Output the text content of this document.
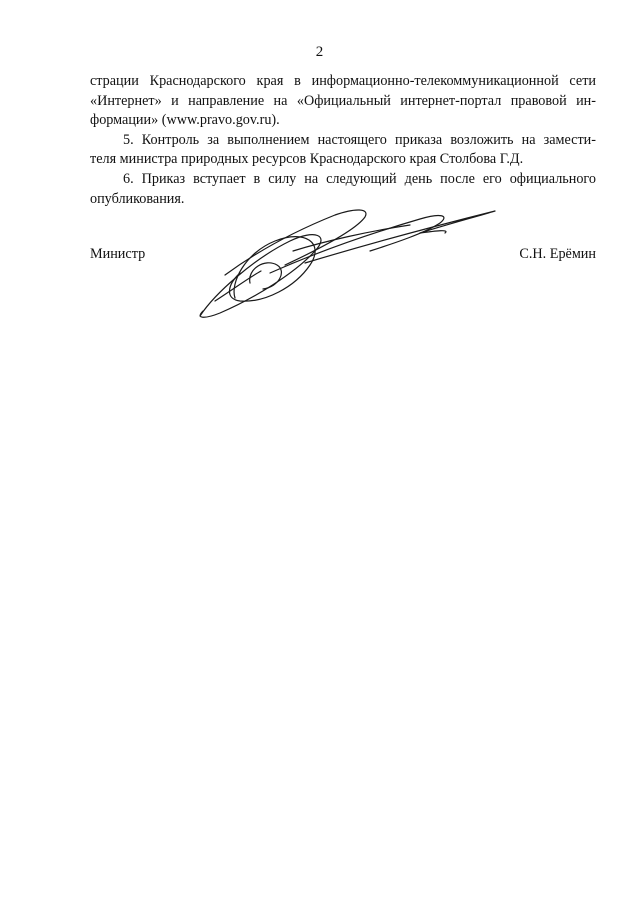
2

страции Краснодарского края в информационно-телекоммуникационной сети

«Интернет» и направление на «Официальный интернет-портал правовой ин-

формации» (www.pravo.gov.ru).

5. Контроль за выполнением настоящего приказа возложить на замести-

теля министра природных ресурсов Краснодарского края Столбова Г.Д.

6. Приказ вступает в силу на следующий день после его официального

опубликования.

Министр	С.Н. Ерёмин
